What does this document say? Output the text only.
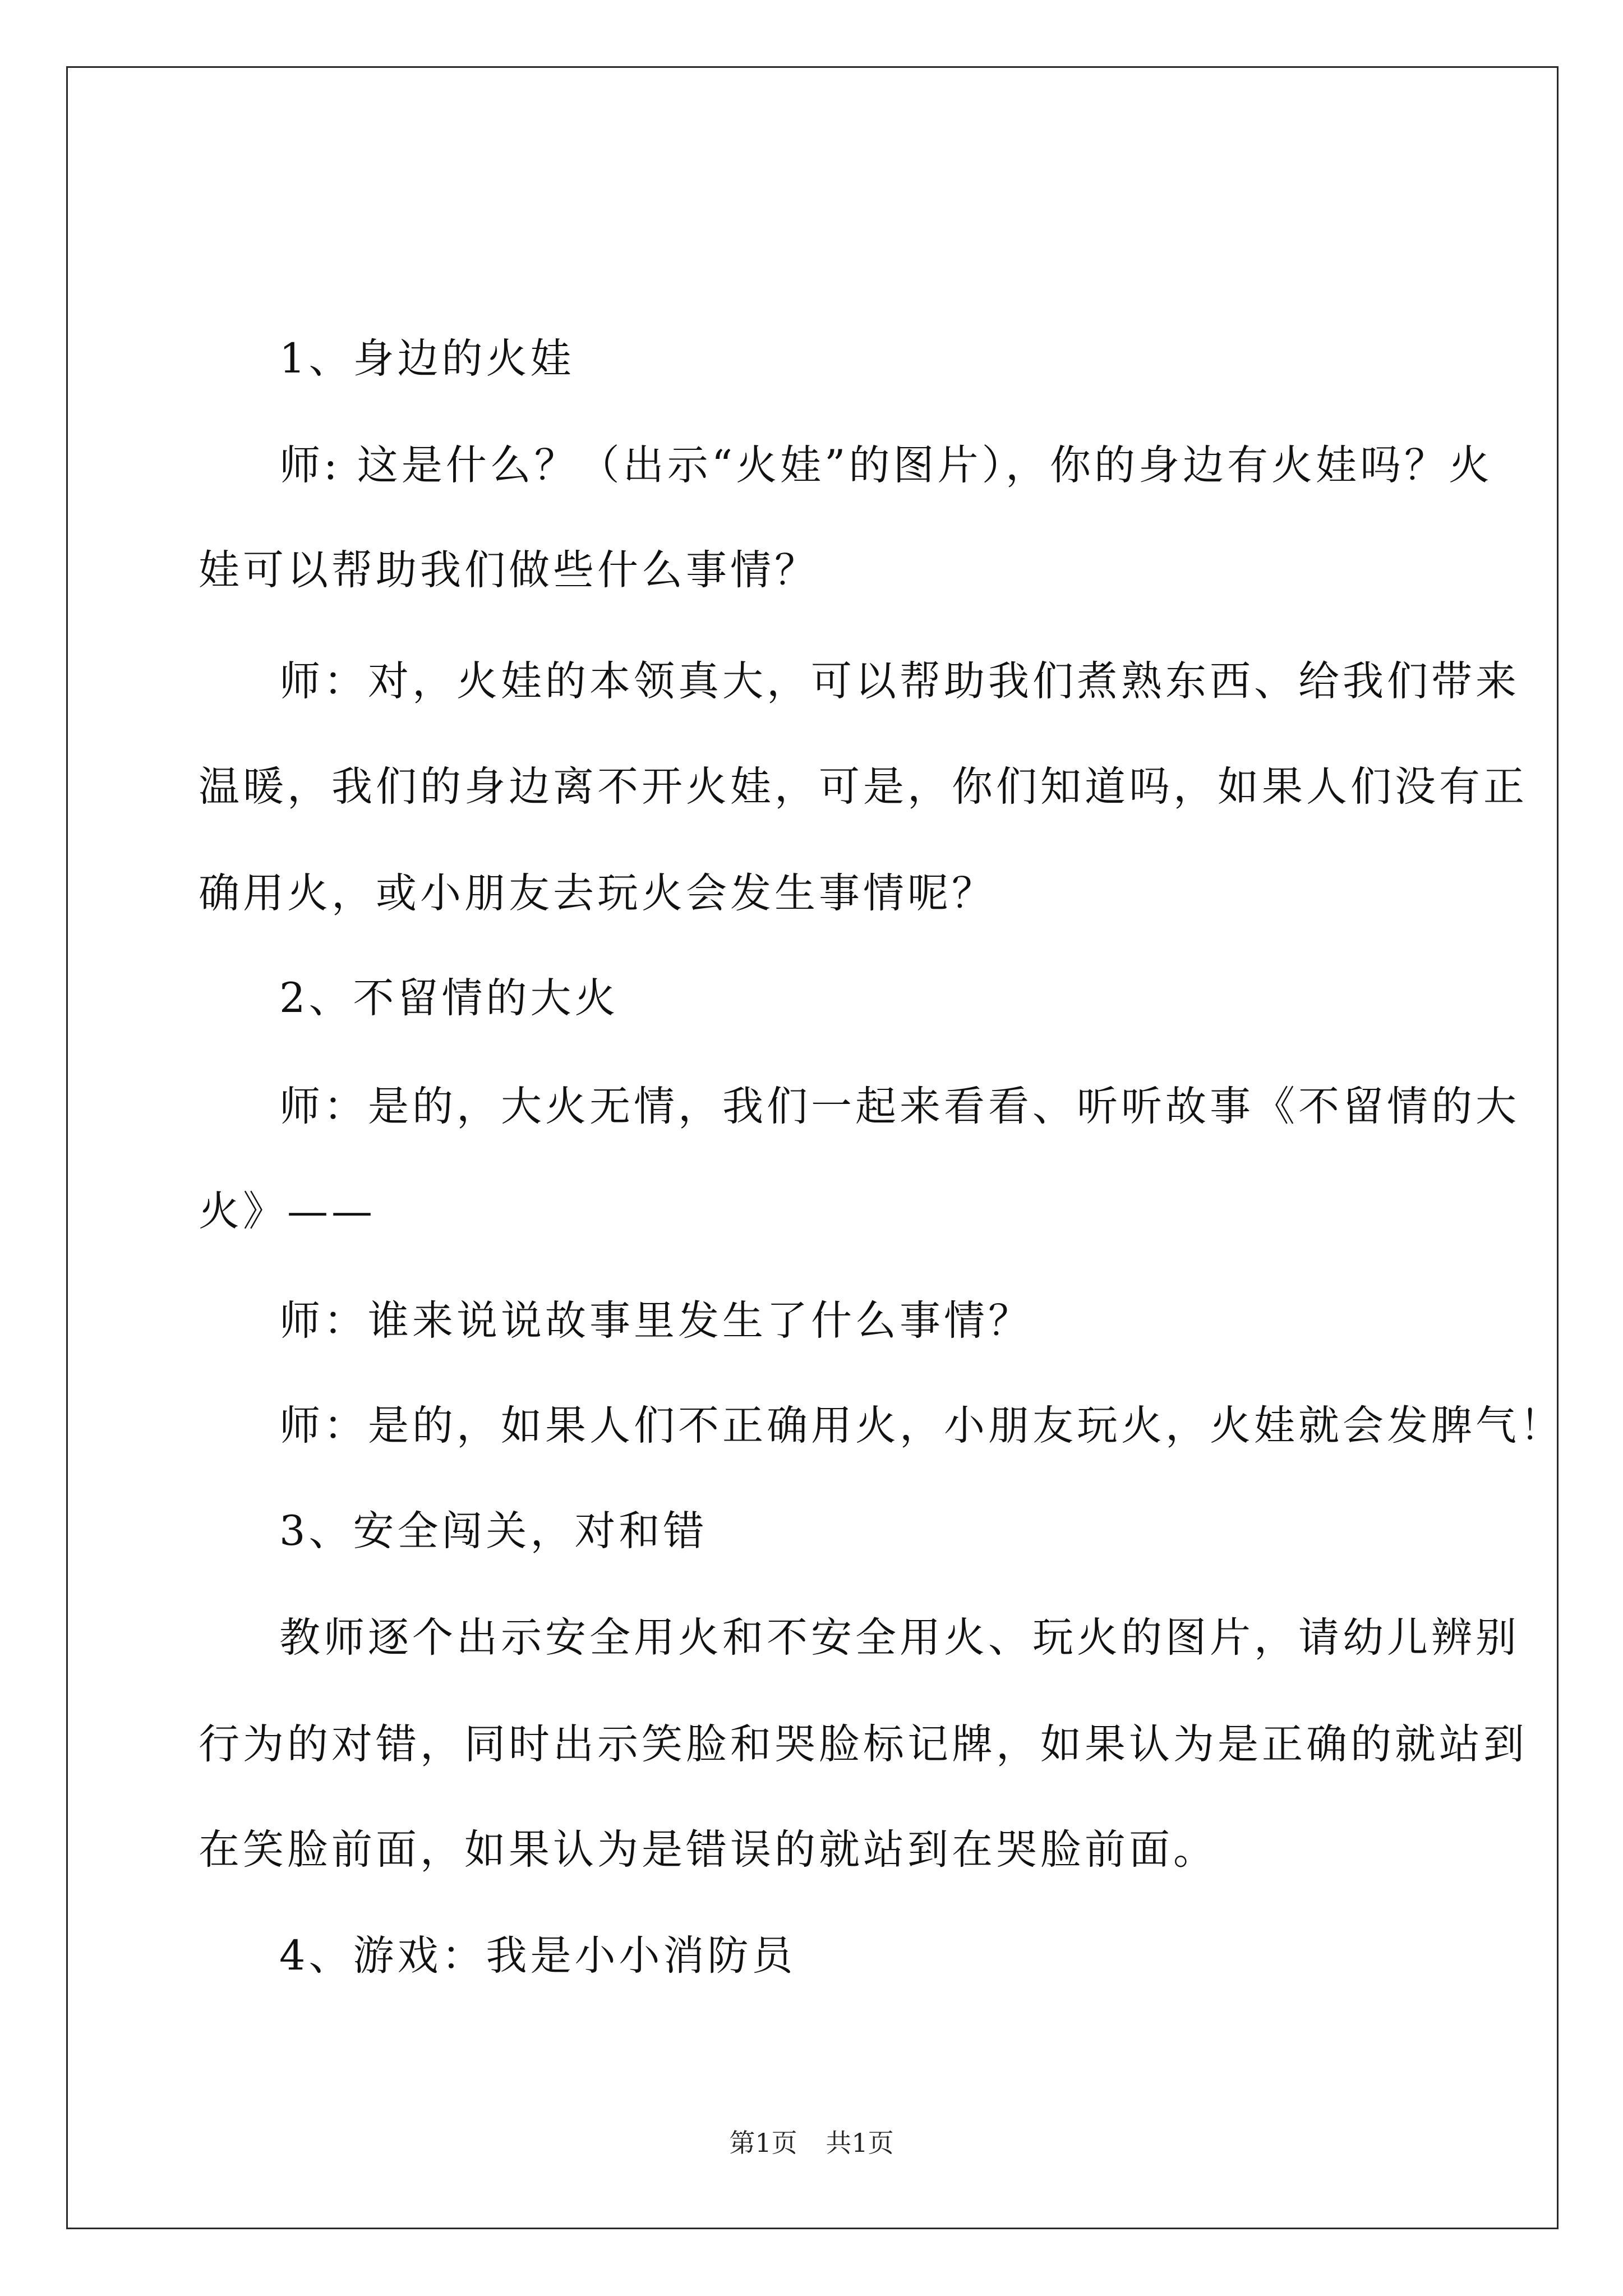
1、身边的火娃
师: 这是什么？（出示“火娃”的图片），你的身边有火娃吗？火
娃可以帮助我们做些什么事情？
师：对，火娃的本领真大，可以帮助我们煮熟东西、给我们带来
温暖，我们的身边离不开火娃，可是，你们知道吗，如果人们没有正
确用火，或小朋友去玩火会发生事情呢？
2、不留情的大火
师：是的，大火无情，我们一起来看看、听听故事《不留情的大
火》——
师：谁来说说故事里发生了什么事情？
师：是的，如果人们不正确用火，小朋友玩火，火娃就会发脾气！
3、安全闯关，对和错
教师逐个出示安全用火和不安全用火、玩火的图片，请幼儿辨别
行为的对错，同时出示笑脸和哭脸标记牌，如果认为是正确的就站到
在笑脸前面，如果认为是错误的就站到在哭脸前面。
4、游戏：我是小小消防员
第1页 共1页
